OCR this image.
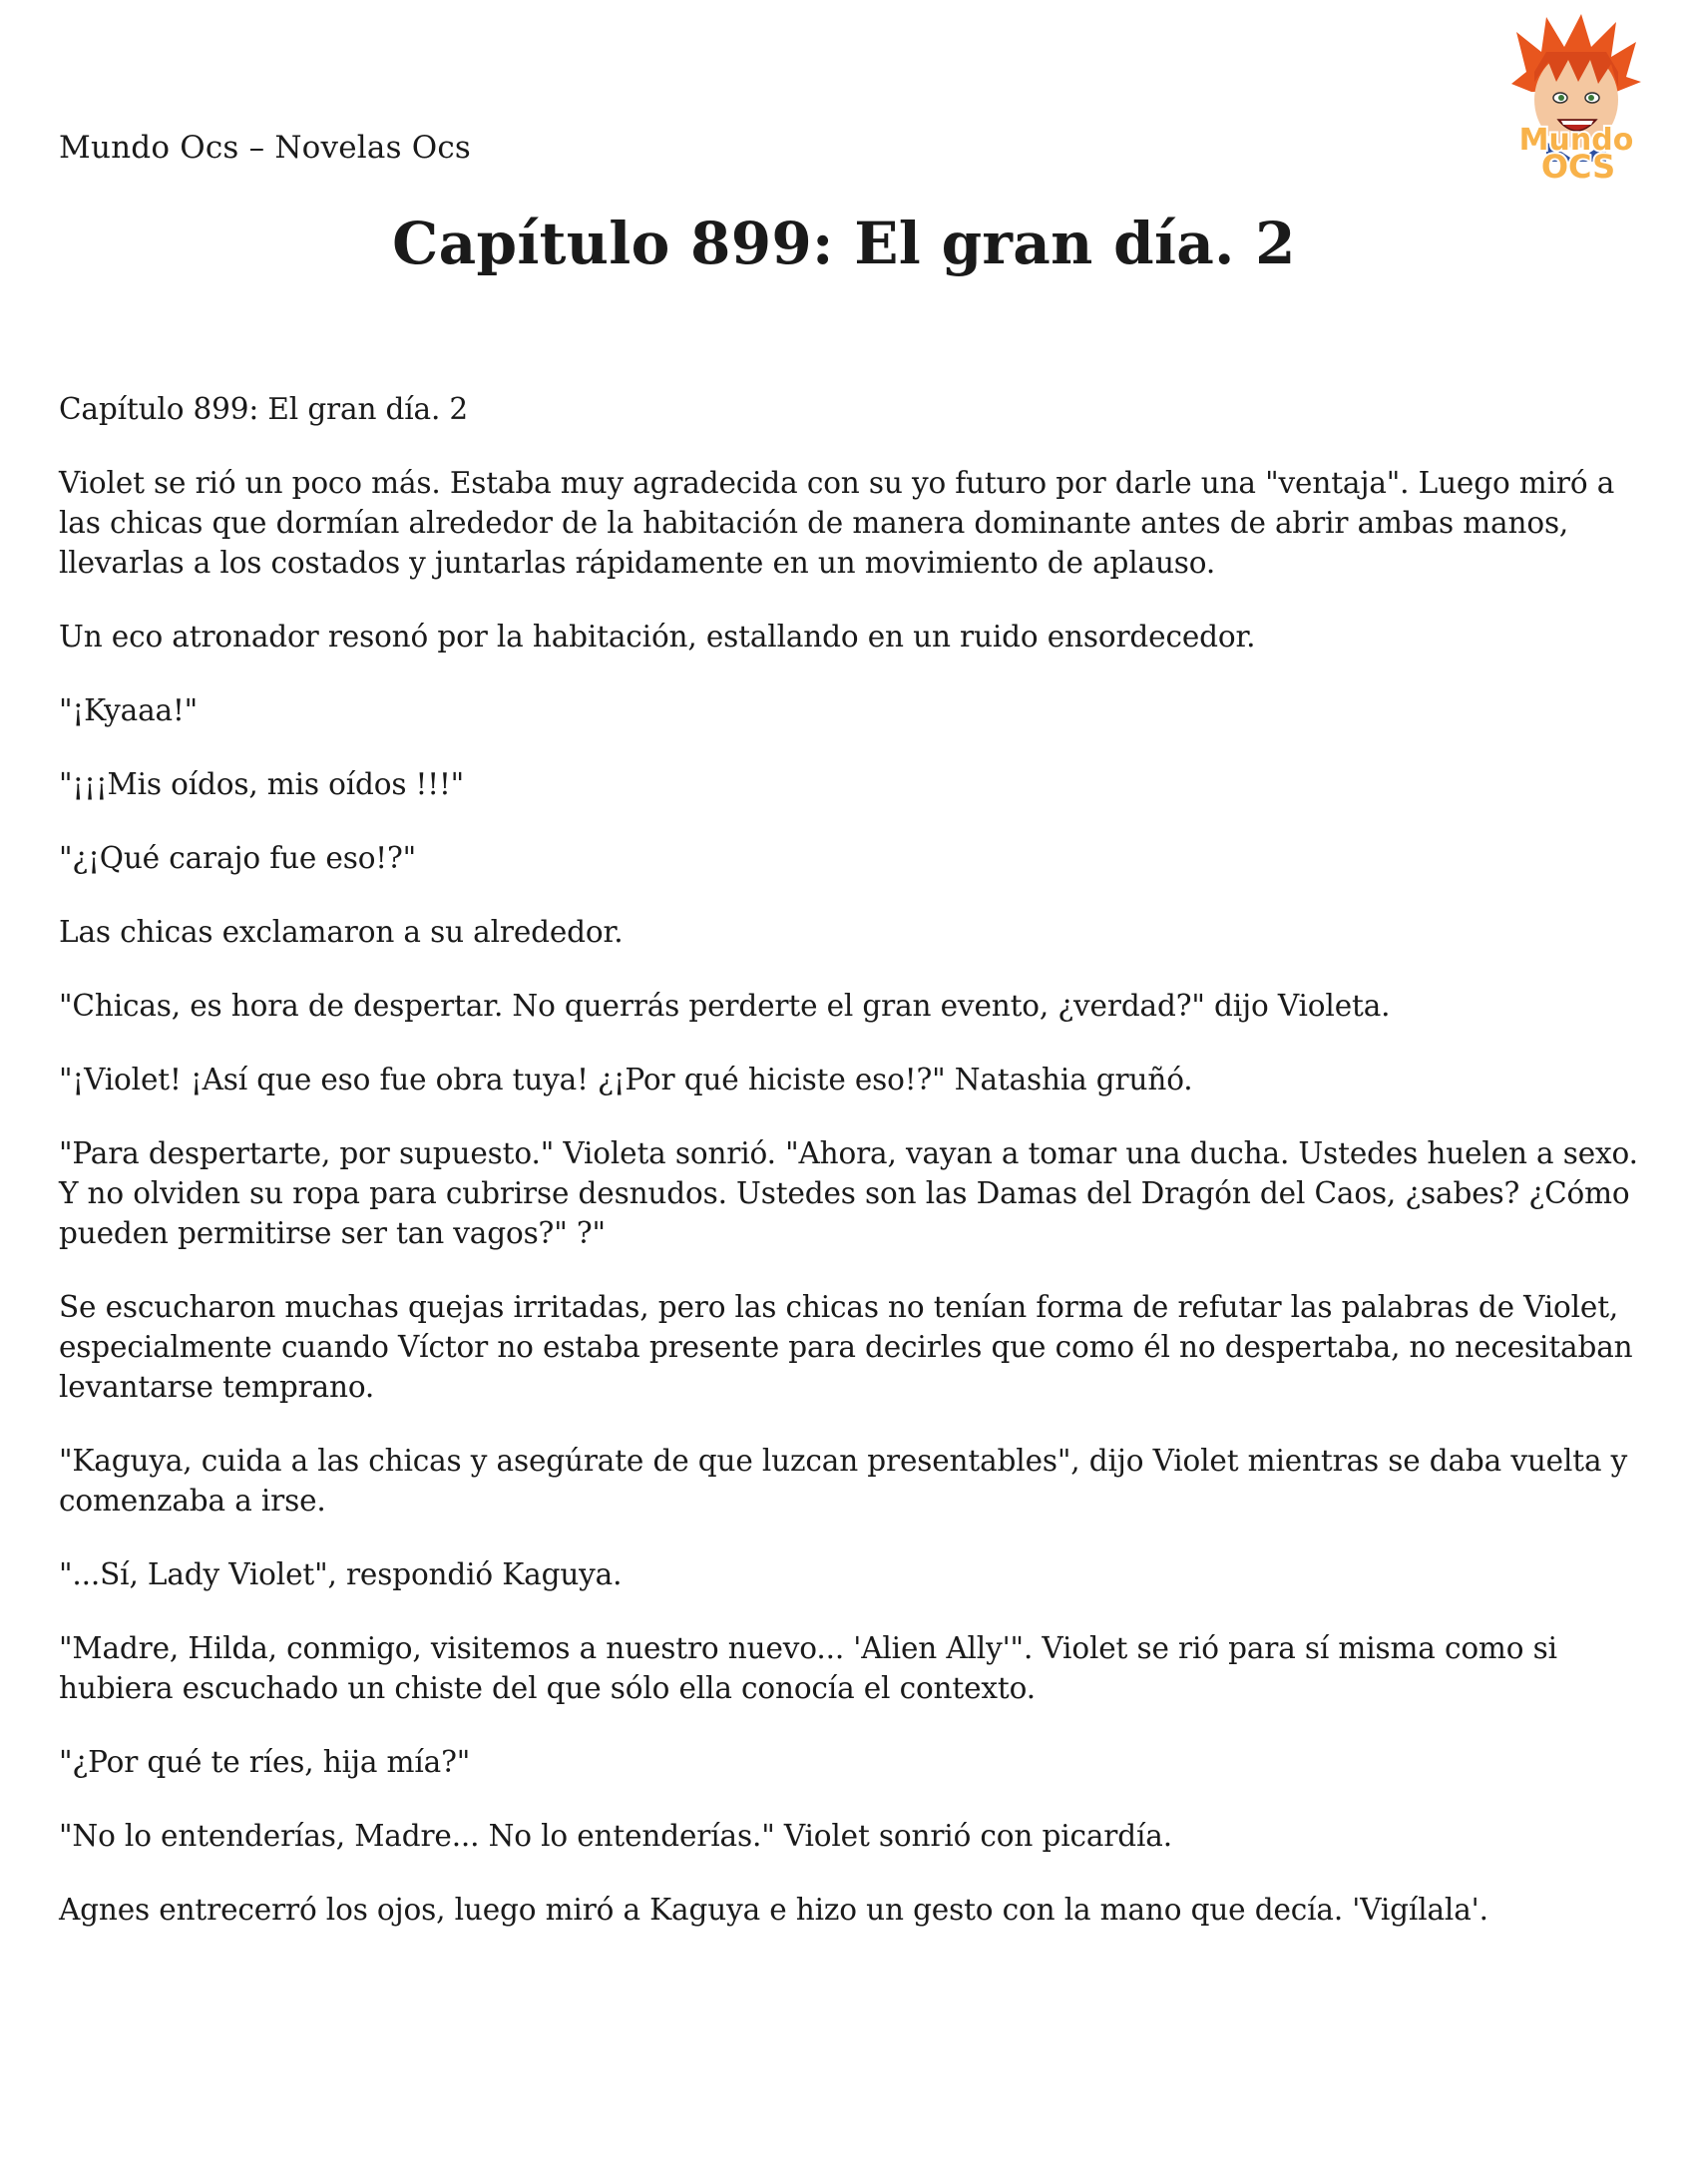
Mundo Ocs – Novelas Ocs	Mundo
OCS
Capítulo 899: El gran día. 2

Capítulo 899: El gran día. 2

Violet se rió un poco más. Estaba muy agradecida con su yo futuro por darle una "ventaja". Luego miró a las chicas que dormían alrededor de la habitación de manera dominante antes de abrir ambas manos, llevarlas a los costados y juntarlas rápidamente en un movimiento de aplauso.

Un eco atronador resonó por la habitación, estallando en un ruido ensordecedor.

"¡Kyaaa!"

"¡¡¡Mis oídos, mis oídos !!!"

"¿¡Qué carajo fue eso!?"

Las chicas exclamaron a su alrededor.

"Chicas, es hora de despertar. No querrás perderte el gran evento, ¿verdad?" dijo Violeta.

"¡Violet! ¡Así que eso fue obra tuya! ¿¡Por qué hiciste eso!?" Natashia gruñó.

"Para despertarte, por supuesto." Violeta sonrió. "Ahora, vayan a tomar una ducha. Ustedes huelen a sexo. Y no olviden su ropa para cubrirse desnudos. Ustedes son las Damas del Dragón del Caos, ¿sabes? ¿Cómo pueden permitirse ser tan vagos?" ?"

Se escucharon muchas quejas irritadas, pero las chicas no tenían forma de refutar las palabras de Violet, especialmente cuando Víctor no estaba presente para decirles que como él no despertaba, no necesitaban levantarse temprano.

"Kaguya, cuida a las chicas y asegúrate de que luzcan presentables", dijo Violet mientras se daba vuelta y comenzaba a irse.

"...Sí, Lady Violet", respondió Kaguya.

"Madre, Hilda, conmigo, visitemos a nuestro nuevo... 'Alien Ally'". Violet se rió para sí misma como si hubiera escuchado un chiste del que sólo ella conocía el contexto.

"¿Por qué te ríes, hija mía?"

"No lo entenderías, Madre... No lo entenderías." Violet sonrió con picardía.

Agnes entrecerró los ojos, luego miró a Kaguya e hizo un gesto con la mano que decía. 'Vigílala'.
